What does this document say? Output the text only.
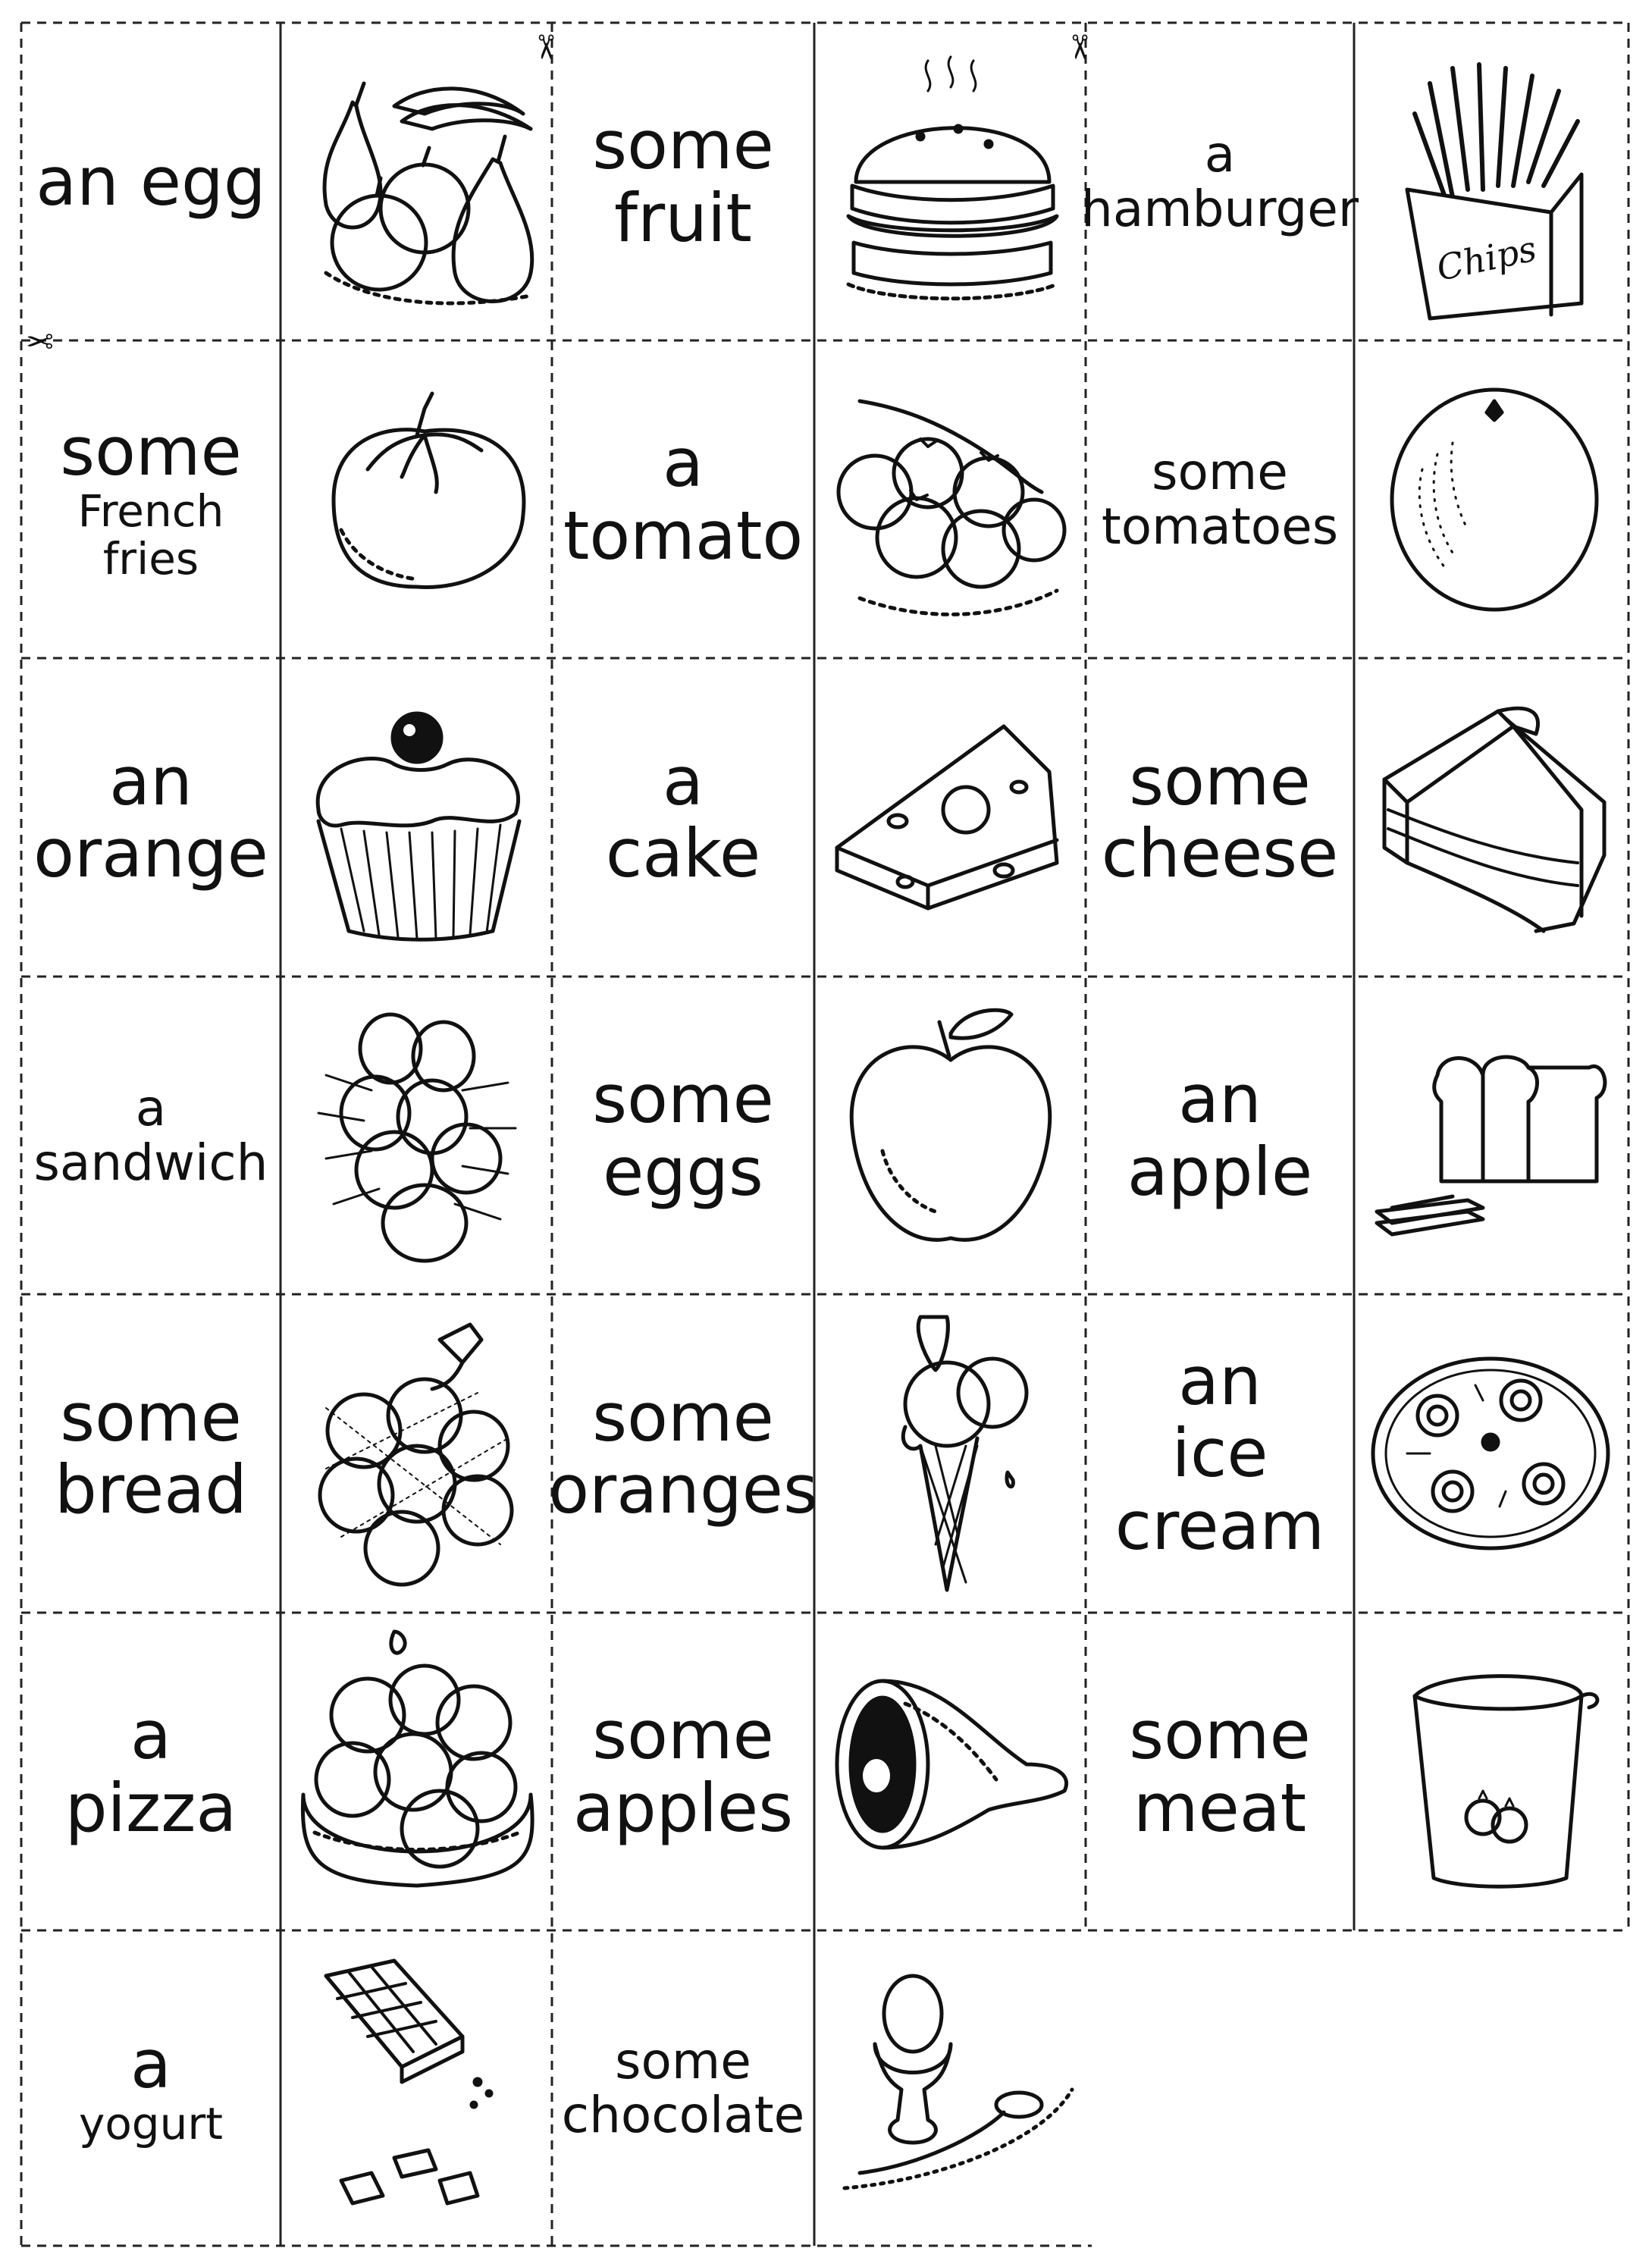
✂	✂
✂
an egg	some
fruit
a
hamburger
Chips
some
French
fries
a
tomato
some
tomatoes
an
orange
a
cake
some
cheese
a
sandwich
some
eggs
an
apple
some
bread
some
oranges
an
ice
cream
a
pizza
some
apples
some
meat
a
yogurt
some
chocolate
